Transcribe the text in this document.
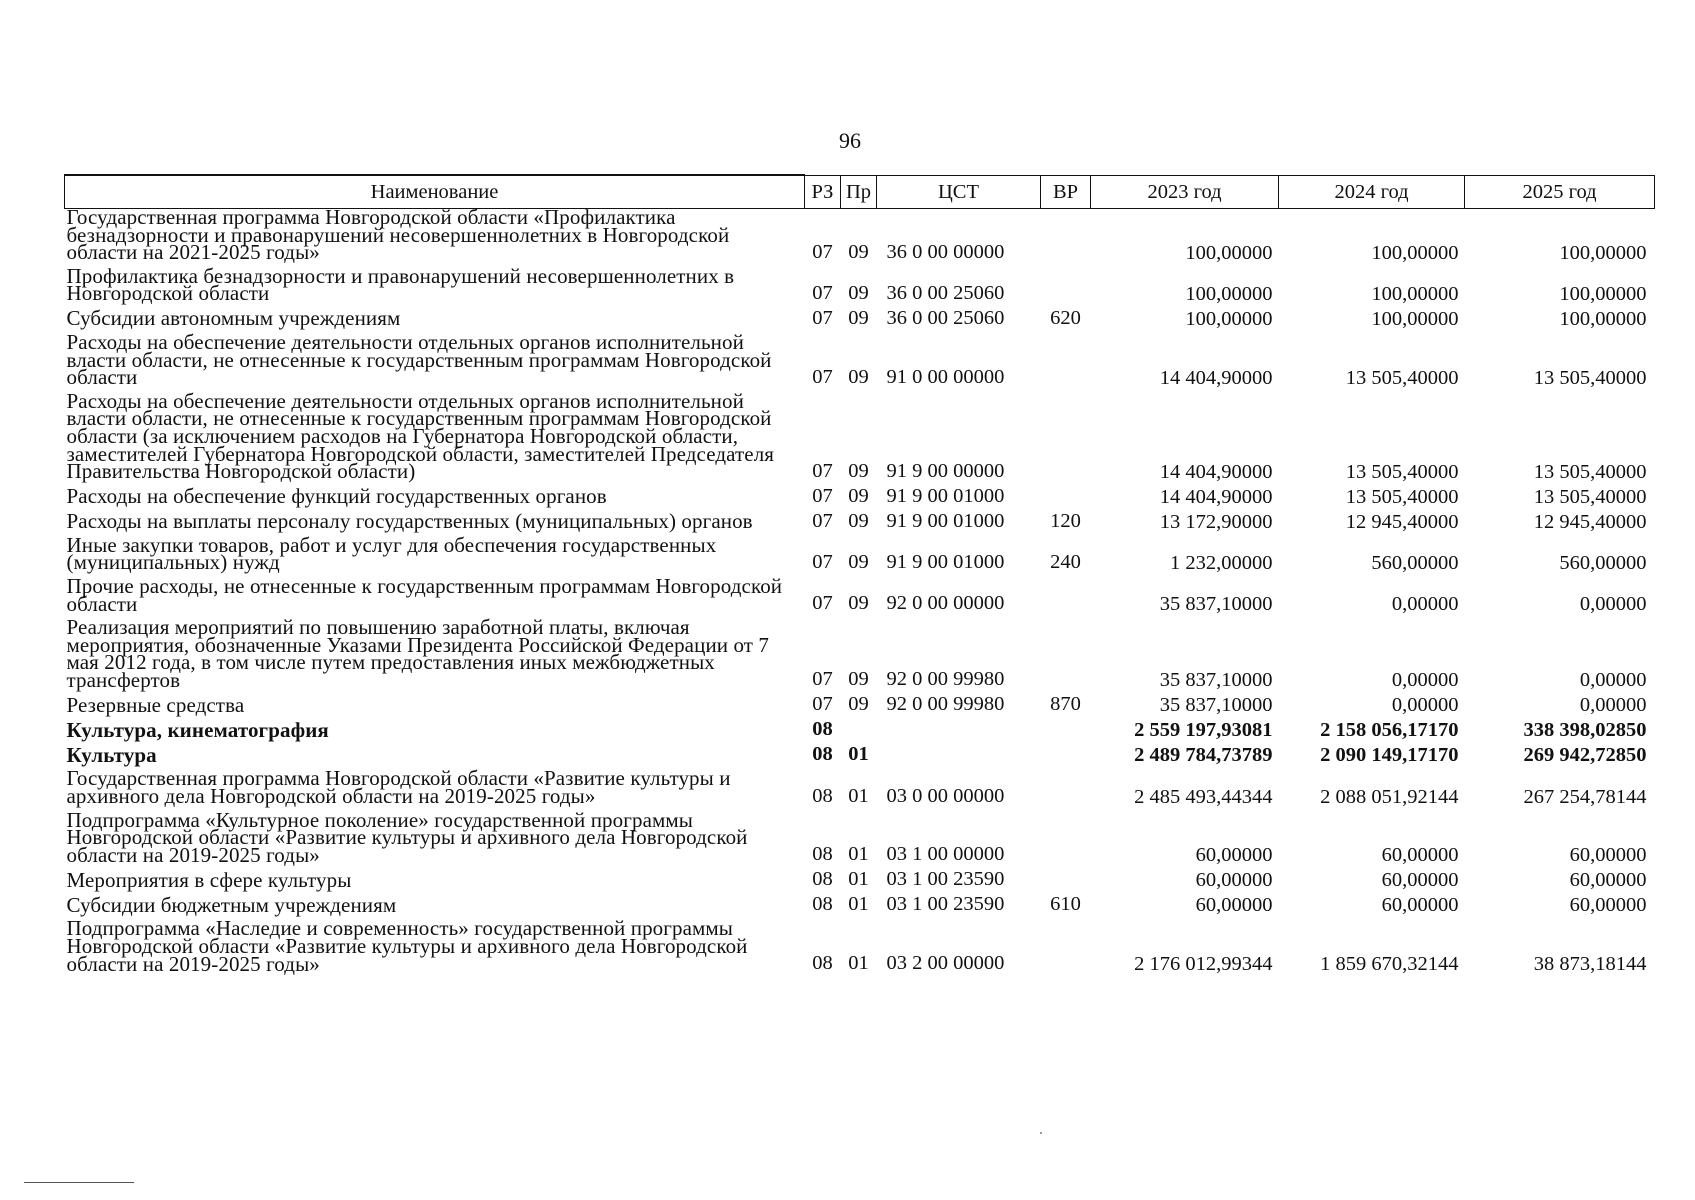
96
Наименование	РЗ	Пр	ЦСТ	ВР	2023 год	2024 год	2025 год
Государственная программа Новгородской области «Профилактика безнадзорности и правонарушений несовершеннолетних в Новгородской области на 2021-2025 годы»	07	09	36 0 00 00000		100,00000	100,00000	100,00000
Профилактика безнадзорности и правонарушений несовершеннолетних в Новгородской области	07	09	36 0 00 25060		100,00000	100,00000	100,00000
Субсидии автономным учреждениям	07	09	36 0 00 25060	620	100,00000	100,00000	100,00000
Расходы на обеспечение деятельности отдельных органов исполнительной власти области, не отнесенные к государственным программам Новгородской области	07	09	91 0 00 00000		14 404,90000	13 505,40000	13 505,40000
Расходы на обеспечение деятельности отдельных органов исполнительной власти области, не отнесенные к государственным программам Новгородской области (за исключением расходов на Губернатора Новгородской области, заместителей Губернатора Новгородской области, заместителей Председателя Правительства Новгородской области)	07	09	91 9 00 00000		14 404,90000	13 505,40000	13 505,40000
Расходы на обеспечение функций государственных органов	07	09	91 9 00 01000		14 404,90000	13 505,40000	13 505,40000
Расходы на выплаты персоналу государственных (муниципальных) органов	07	09	91 9 00 01000	120	13 172,90000	12 945,40000	12 945,40000
Иные закупки товаров, работ и услуг для обеспечения государственных (муниципальных) нужд	07	09	91 9 00 01000	240	1 232,00000	560,00000	560,00000
Прочие расходы, не отнесенные к государственным программам Новгородской области	07	09	92 0 00 00000		35 837,10000	0,00000	0,00000
Реализация мероприятий по повышению заработной платы, включая мероприятия, обозначенные Указами Президента Российской Федерации от 7 мая 2012 года, в том числе путем предоставления иных межбюджетных трансфертов	07	09	92 0 00 99980		35 837,10000	0,00000	0,00000
Резервные средства	07	09	92 0 00 99980	870	35 837,10000	0,00000	0,00000
Культура, кинематография	08				2 559 197,93081	2 158 056,17170	338 398,02850
Культура	08	01			2 489 784,73789	2 090 149,17170	269 942,72850
Государственная программа Новгородской области «Развитие культуры и архивного дела Новгородской области на 2019-2025 годы»	08	01	03 0 00 00000		2 485 493,44344	2 088 051,92144	267 254,78144
Подпрограмма «Культурное поколение» государственной программы Новгородской области «Развитие культуры и архивного дела Новгородской области на 2019-2025 годы»	08	01	03 1 00 00000		60,00000	60,00000	60,00000
Мероприятия в сфере культуры	08	01	03 1 00 23590		60,00000	60,00000	60,00000
Субсидии бюджетным учреждениям	08	01	03 1 00 23590	610	60,00000	60,00000	60,00000
Подпрограмма «Наследие и современность» государственной программы Новгородской области «Развитие культуры и архивного дела Новгородской области на 2019-2025 годы»	08	01	03 2 00 00000		2 176 012,99344	1 859 670,32144	38 873,18144
